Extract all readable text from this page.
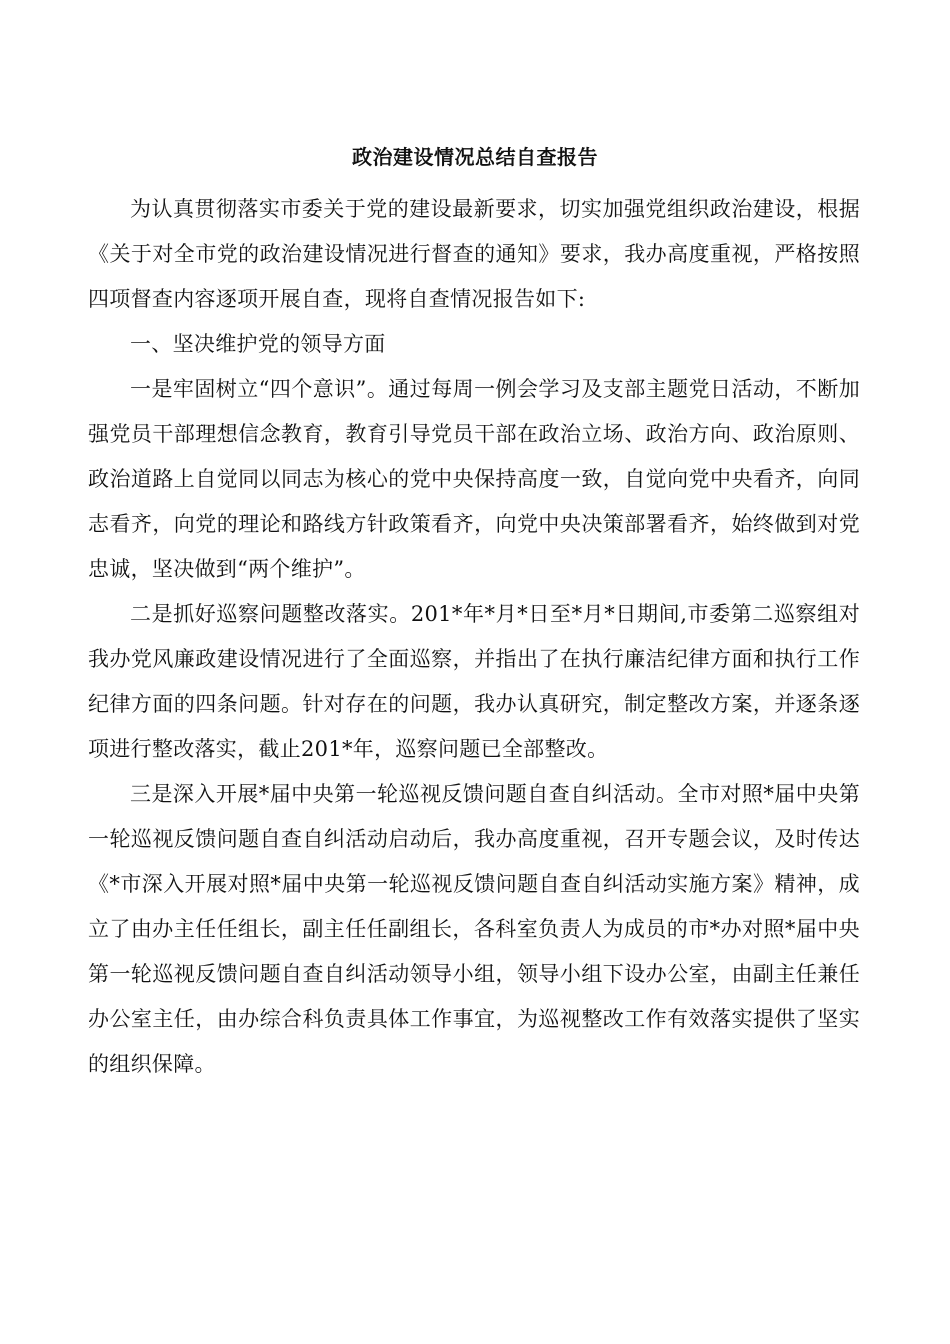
政治建设情况总结自查报告

为认真贯彻落实市委关于党的建设最新要求，切实加强党组织政治建设，根据《关于对全市党的政治建设情况进行督查的通知》要求，我办高度重视，严格按照四项督查内容逐项开展自查，现将自查情况报告如下:

一、坚决维护党的领导方面

一是牢固树立“四个意识”。通过每周一例会学习及支部主题党日活动，不断加强党员干部理想信念教育，教育引导党员干部在政治立场、政治方向、政治原则、政治道路上自觉同以同志为核心的党中央保持高度一致，自觉向党中央看齐，向同志看齐，向党的理论和路线方针政策看齐，向党中央决策部署看齐，始终做到对党忠诚，坚决做到“两个维护”。

二是抓好巡察问题整改落实。201*年*月*日至*月*日期间,市委第二巡察组对我办党风廉政建设情况进行了全面巡察，并指出了在执行廉洁纪律方面和执行工作纪律方面的四条问题。针对存在的问题，我办认真研究，制定整改方案，并逐条逐项进行整改落实，截止201*年，巡察问题已全部整改。

三是深入开展*届中央第一轮巡视反馈问题自查自纠活动。全市对照*届中央第一轮巡视反馈问题自查自纠活动启动后，我办高度重视，召开专题会议，及时传达《*市深入开展对照*届中央第一轮巡视反馈问题自查自纠活动实施方案》精神，成立了由办主任任组长，副主任任副组长，各科室负责人为成员的市*办对照*届中央第一轮巡视反馈问题自查自纠活动领导小组，领导小组下设办公室，由副主任兼任办公室主任，由办综合科负责具体工作事宜，为巡视整改工作有效落实提供了坚实的组织保障。
